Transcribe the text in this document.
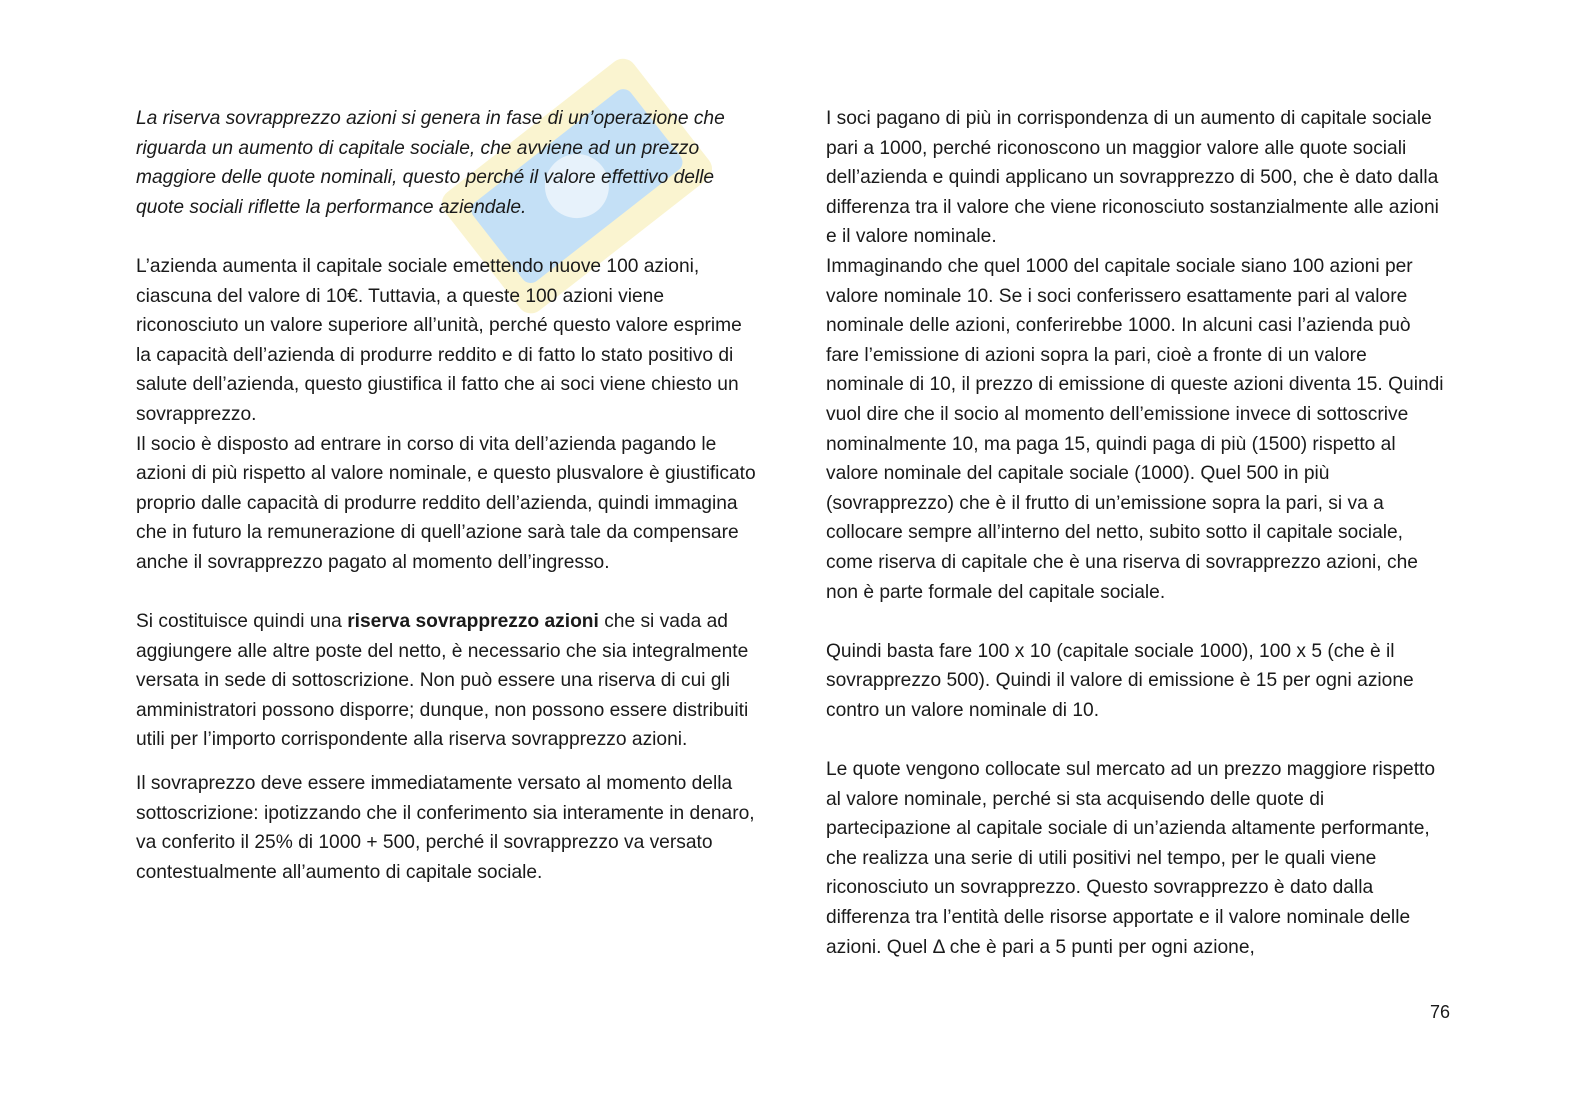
La riserva sovrapprezzo azioni si genera in fase di un’operazione che riguarda un aumento di capitale sociale, che avviene ad un prezzo maggiore delle quote nominali, questo perché il valore effettivo delle quote sociali riflette la performance aziendale.

L’azienda aumenta il capitale sociale emettendo nuove 100 azioni, ciascuna del valore di 10€. Tuttavia, a queste 100 azioni viene riconosciuto un valore superiore all’unità, perché questo valore esprime la capacità dell’azienda di produrre reddito e di fatto lo stato positivo di salute dell’azienda, questo giustifica il fatto che ai soci viene chiesto un sovrapprezzo.

Il socio è disposto ad entrare in corso di vita dell’azienda pagando le azioni di più rispetto al valore nominale, e questo plusvalore è giustificato proprio dalle capacità di produrre reddito dell’azienda, quindi immagina che in futuro la remunerazione di quell’azione sarà tale da compensare anche il sovrapprezzo pagato al momento dell’ingresso.

Si costituisce quindi una riserva sovrapprezzo azioni che si vada ad aggiungere alle altre poste del netto, è necessario che sia integralmente versata in sede di sottoscrizione. Non può essere una riserva di cui gli amministratori possono disporre; dunque, non possono essere distribuiti utili per l’importo corrispondente alla riserva sovrapprezzo azioni.

Il sovraprezzo deve essere immediatamente versato al momento della sottoscrizione: ipotizzando che il conferimento sia interamente in denaro, va conferito il 25% di 1000 + 500, perché il sovrapprezzo va versato contestualmente all’aumento di capitale sociale.

I soci pagano di più in corrispondenza di un aumento di capitale sociale pari a 1000, perché riconoscono un maggior valore alle quote sociali dell’azienda e quindi applicano un sovrapprezzo di 500, che è dato dalla differenza tra il valore che viene riconosciuto sostanzialmente alle azioni e il valore nominale.

Immaginando che quel 1000 del capitale sociale siano 100 azioni per valore nominale 10. Se i soci conferissero esattamente pari al valore nominale delle azioni, conferirebbe 1000. In alcuni casi l’azienda può fare l’emissione di azioni sopra la pari, cioè a fronte di un valore nominale di 10, il prezzo di emissione di queste azioni diventa 15. Quindi vuol dire che il socio al momento dell’emissione invece di sottoscrive nominalmente 10, ma paga 15, quindi paga di più (1500) rispetto al valore nominale del capitale sociale (1000). Quel 500 in più (sovrapprezzo) che è il frutto di un’emissione sopra la pari, si va a collocare sempre all’interno del netto, subito sotto il capitale sociale, come riserva di capitale che è una riserva di sovrapprezzo azioni, che non è parte formale del capitale sociale.

Quindi basta fare 100 x 10 (capitale sociale 1000), 100 x 5 (che è il sovrapprezzo 500). Quindi il valore di emissione è 15 per ogni azione contro un valore nominale di 10.

Le quote vengono collocate sul mercato ad un prezzo maggiore rispetto al valore nominale, perché si sta acquisendo delle quote di partecipazione al capitale sociale di un’azienda altamente performante, che realizza una serie di utili positivi nel tempo, per le quali viene riconosciuto un sovrapprezzo. Questo sovrapprezzo è dato dalla differenza tra l’entità delle risorse apportate e il valore nominale delle azioni. Quel Δ che è pari a 5 punti per ogni azione,

76
